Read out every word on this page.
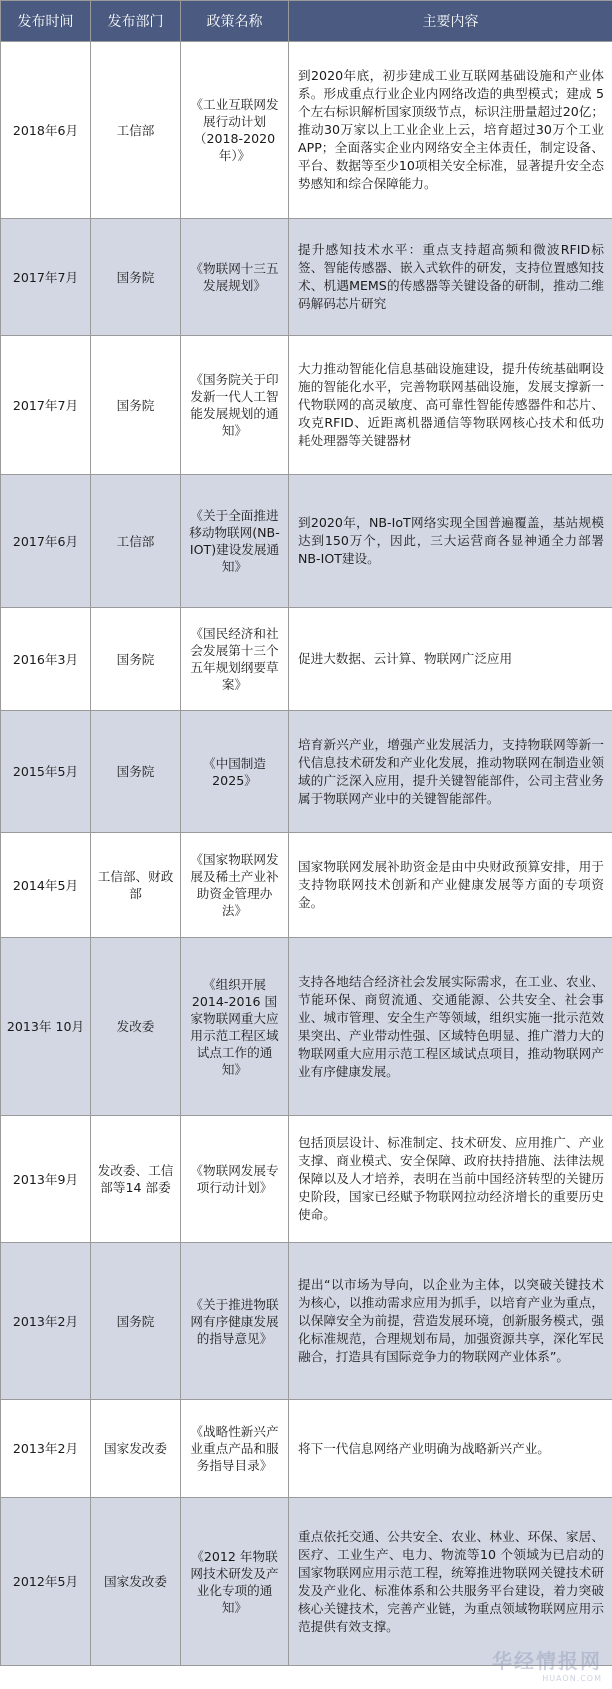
发布时间	发布部门	政策名称	主要内容
2018年6月	工信部	《工业互联网发展行动计划（2018-2020年）》	到2020年底，初步建成工业互联网基础设施和产业体系。形成重点行业企业内网络改造的典型模式；建成 5个左右标识解析国家顶级节点，标识注册量超过20亿；推动30万家以上工业企业上云，培育超过30万个工业APP；全面落实企业内网络安全主体责任，制定设备、平台、数据等至少10项相关安全标准，显著提升安全态势感知和综合保障能力。
2017年7月	国务院	《物联网十三五发展规划》	提升感知技术水平：重点支持超高频和微波RFID标签、智能传感器、嵌入式软件的研发，支持位置感知技术、机遇MEMS的传感器等关键设备的研制，推动二维码解码芯片研究
2017年7月	国务院	《国务院关于印发新一代人工智能发展规划的通知》	大力推动智能化信息基础设施建设，提升传统基础啊设施的智能化水平，完善物联网基础设施，发展支撑新一代物联网的高灵敏度、高可靠性智能传感器件和芯片、攻克RFID、近距离机器通信等物联网核心技术和低功耗处理器等关键器材
2017年6月	工信部	《关于全面推进移动物联网(NB-IOT)建设发展通知》	到2020年，NB-IoT网络实现全国普遍覆盖，基站规模达到150万个，因此，三大运营商各显神通全力部署NB-IOT建设。
2016年3月	国务院	《国民经济和社会发展第十三个五年规划纲要草案》	促进大数据、云计算、物联网广泛应用
2015年5月	国务院	《中国制造 2025》	培育新兴产业，增强产业发展活力，支持物联网等新一代信息技术研发和产业化发展，推动物联网在制造业领域的广泛深入应用，提升关键智能部件，公司主营业务属于物联网产业中的关键智能部件。
2014年5月	工信部、财政部	《国家物联网发展及稀土产业补助资金管理办法》	国家物联网发展补助资金是由中央财政预算安排，用于支持物联网技术创新和产业健康发展等方面的专项资金。
2013年 10月	发改委	《组织开展2014-2016 国家物联网重大应用示范工程区域试点工作的通知》	支持各地结合经济社会发展实际需求，在工业、农业、节能环保、商贸流通、交通能源、公共安全、社会事业、城市管理、安全生产等领域，组织实施一批示范效果突出、产业带动性强、区域特色明显、推广潜力大的物联网重大应用示范工程区域试点项目，推动物联网产业有序健康发展。
2013年9月	发改委、工信部等14 部委	《物联网发展专项行动计划》	包括顶层设计、标准制定、技术研发、应用推广、产业支撑、商业模式、安全保障、政府扶持措施、法律法规保障以及人才培养，表明在当前中国经济转型的关键历史阶段，国家已经赋予物联网拉动经济增长的重要历史使命。
2013年2月	国务院	《关于推进物联网有序健康发展的指导意见》	提出“以市场为导向，以企业为主体，以突破关键技术为核心，以推动需求应用为抓手，以培育产业为重点，以保障安全为前提，营造发展环境，创新服务模式，强化标准规范，合理规划布局，加强资源共享，深化军民融合，打造具有国际竞争力的物联网产业体系”。
2013年2月	国家发改委	《战略性新兴产业重点产品和服务指导目录》	将下一代信息网络产业明确为战略新兴产业。
2012年5月	国家发改委	《2012 年物联网技术研发及产业化专项的通知》	重点依托交通、公共安全、农业、林业、环保、家居、医疗、工业生产、电力、物流等10 个领域为已启动的国家物联网应用示范工程，统筹推进物联网关键技术研发及产业化、标准体系和公共服务平台建设，着力突破核心关键技术，完善产业链，为重点领域物联网应用示范提供有效支撑。
华经情报网
HUAON.COM
